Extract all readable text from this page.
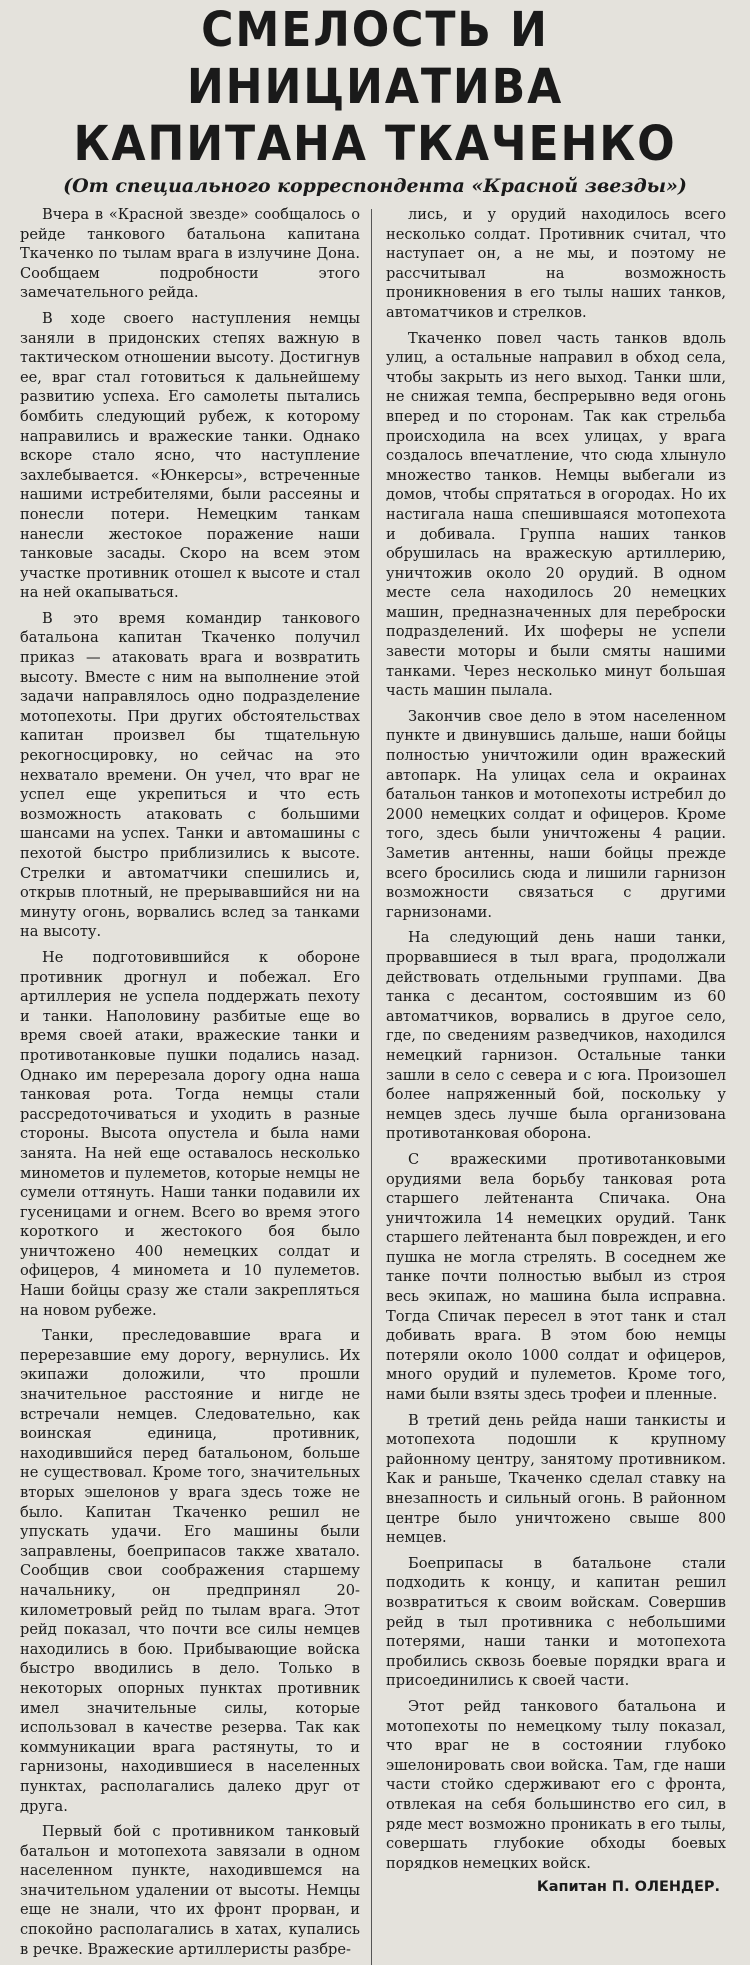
СМЕЛОСТЬ И ИНИЦИАТИВА
КАПИТАНА ТКАЧЕНКО
(От специального корреспондента «Красной звезды»)

Вчера в «Красной звезде» сообщалось о рейде танкового батальона капитана Ткаченко по тылам врага в излучине Дона. Сообщаем подробности этого замечательного рейда.

В ходе своего наступления немцы заняли в придонских степях важную в тактическом отношении высоту. Достигнув ее, враг стал готовиться к дальнейшему развитию успеха. Его самолеты пытались бомбить следующий рубеж, к которому направились и вражеские танки. Однако вскоре стало ясно, что наступление захлебывается. «Юнкерсы», встреченные нашими истребителями, были рассеяны и понесли потери. Немецким танкам нанесли жестокое поражение наши танковые засады. Скоро на всем этом участке противник отошел к высоте и стал на ней окапываться.

В это время командир танкового батальона капитан Ткаченко получил приказ — атаковать врага и возвратить высоту. Вместе с ним на выполнение этой задачи направлялось одно подразделение мотопехоты. При других обстоятельствах капитан произвел бы тщательную рекогносцировку, но сейчас на это нехватало времени. Он учел, что враг не успел еще укрепиться и что есть возможность атаковать с большими шансами на успех. Танки и автомашины с пехотой быстро приблизились к высоте. Стрелки и автоматчики спешились и, открыв плотный, не прерывавшийся ни на минуту огонь, ворвались вслед за танками на высоту.

Не подготовившийся к обороне противник дрогнул и побежал. Его артиллерия не успела поддержать пехоту и танки. Наполовину разбитые еще во время своей атаки, вражеские танки и противотанковые пушки подались назад. Однако им перерезала дорогу одна наша танковая рота. Тогда немцы стали рассредоточиваться и уходить в разные стороны. Высота опустела и была нами занята. На ней еще оставалось несколько минометов и пулеметов, которые немцы не сумели оттянуть. Наши танки подавили их гусеницами и огнем. Всего во время этого короткого и жестокого боя было уничтожено 400 немецких солдат и офицеров, 4 миномета и 10 пулеметов. Наши бойцы сразу же стали закрепляться на новом рубеже.

Танки, преследовавшие врага и перерезавшие ему дорогу, вернулись. Их экипажи доложили, что прошли значительное расстояние и нигде не встречали немцев. Следовательно, как воинская единица, противник, находившийся перед батальоном, больше не существовал. Кроме того, значительных вторых эшелонов у врага здесь тоже не было. Капитан Ткаченко решил не упускать удачи. Его машины были заправлены, боеприпасов также хватало. Сообщив свои соображения старшему начальнику, он предпринял 20-километровый рейд по тылам врага. Этот рейд показал, что почти все силы немцев находились в бою. Прибывающие войска быстро вводились в дело. Только в некоторых опорных пунктах противник имел значительные силы, которые использовал в качестве резерва. Так как коммуникации врага растянуты, то и гарнизоны, находившиеся в населенных пунктах, располагались далеко друг от друга.

Первый бой с противником танковый батальон и мотопехота завязали в одном населенном пункте, находившемся на значительном удалении от высоты. Немцы еще не знали, что их фронт прорван, и спокойно располагались в хатах, купались в речке. Вражеские артиллеристы разбре-

лись, и у орудий находилось всего несколько солдат. Противник считал, что наступает он, а не мы, и поэтому не рассчитывал на возможность проникновения в его тылы наших танков, автоматчиков и стрелков.

Ткаченко повел часть танков вдоль улиц, а остальные направил в обход села, чтобы закрыть из него выход. Танки шли, не снижая темпа, беспрерывно ведя огонь вперед и по сторонам. Так как стрельба происходила на всех улицах, у врага создалось впечатление, что сюда хлынуло множество танков. Немцы выбегали из домов, чтобы спрятаться в огородах. Но их настигала наша спешившаяся мотопехота и добивала. Группа наших танков обрушилась на вражескую артиллерию, уничтожив около 20 орудий. В одном месте села находилось 20 немецких машин, предназначенных для переброски подразделений. Их шоферы не успели завести моторы и были смяты нашими танками. Через несколько минут большая часть машин пылала.

Закончив свое дело в этом населенном пункте и двинувшись дальше, наши бойцы полностью уничтожили один вражеский автопарк. На улицах села и окраинах батальон танков и мотопехоты истребил до 2000 немецких солдат и офицеров. Кроме того, здесь были уничтожены 4 рации. Заметив антенны, наши бойцы прежде всего бросились сюда и лишили гарнизон возможности связаться с другими гарнизонами.

На следующий день наши танки, прорвавшиеся в тыл врага, продолжали действовать отдельными группами. Два танка с десантом, состоявшим из 60 автоматчиков, ворвались в другое село, где, по сведениям разведчиков, находился немецкий гарнизон. Остальные танки зашли в село с севера и с юга. Произошел более напряженный бой, поскольку у немцев здесь лучше была организована противотанковая оборона.

С вражескими противотанковыми орудиями вела борьбу танковая рота старшего лейтенанта Спичака. Она уничтожила 14 немецких орудий. Танк старшего лейтенанта был поврежден, и его пушка не могла стрелять. В соседнем же танке почти полностью выбыл из строя весь экипаж, но машина была исправна. Тогда Спичак пересел в этот танк и стал добивать врага. В этом бою немцы потеряли около 1000 солдат и офицеров, много орудий и пулеметов. Кроме того, нами были взяты здесь трофеи и пленные.

В третий день рейда наши танкисты и мотопехота подошли к крупному районному центру, занятому противником. Как и раньше, Ткаченко сделал ставку на внезапность и сильный огонь. В районном центре было уничтожено свыше 800 немцев.

Боеприпасы в батальоне стали подходить к концу, и капитан решил возвратиться к своим войскам. Совершив рейд в тыл противника с небольшими потерями, наши танки и мотопехота пробились сквозь боевые порядки врага и присоединились к своей части.

Этот рейд танкового батальона и мотопехоты по немецкому тылу показал, что враг не в состоянии глубоко эшелонировать свои войска. Там, где наши части стойко сдерживают его с фронта, отвлекая на себя большинство его сил, в ряде мест возможно проникать в его тылы, совершать глубокие обходы боевых порядков немецких войск.

Капитан П. ОЛЕНДЕР.
